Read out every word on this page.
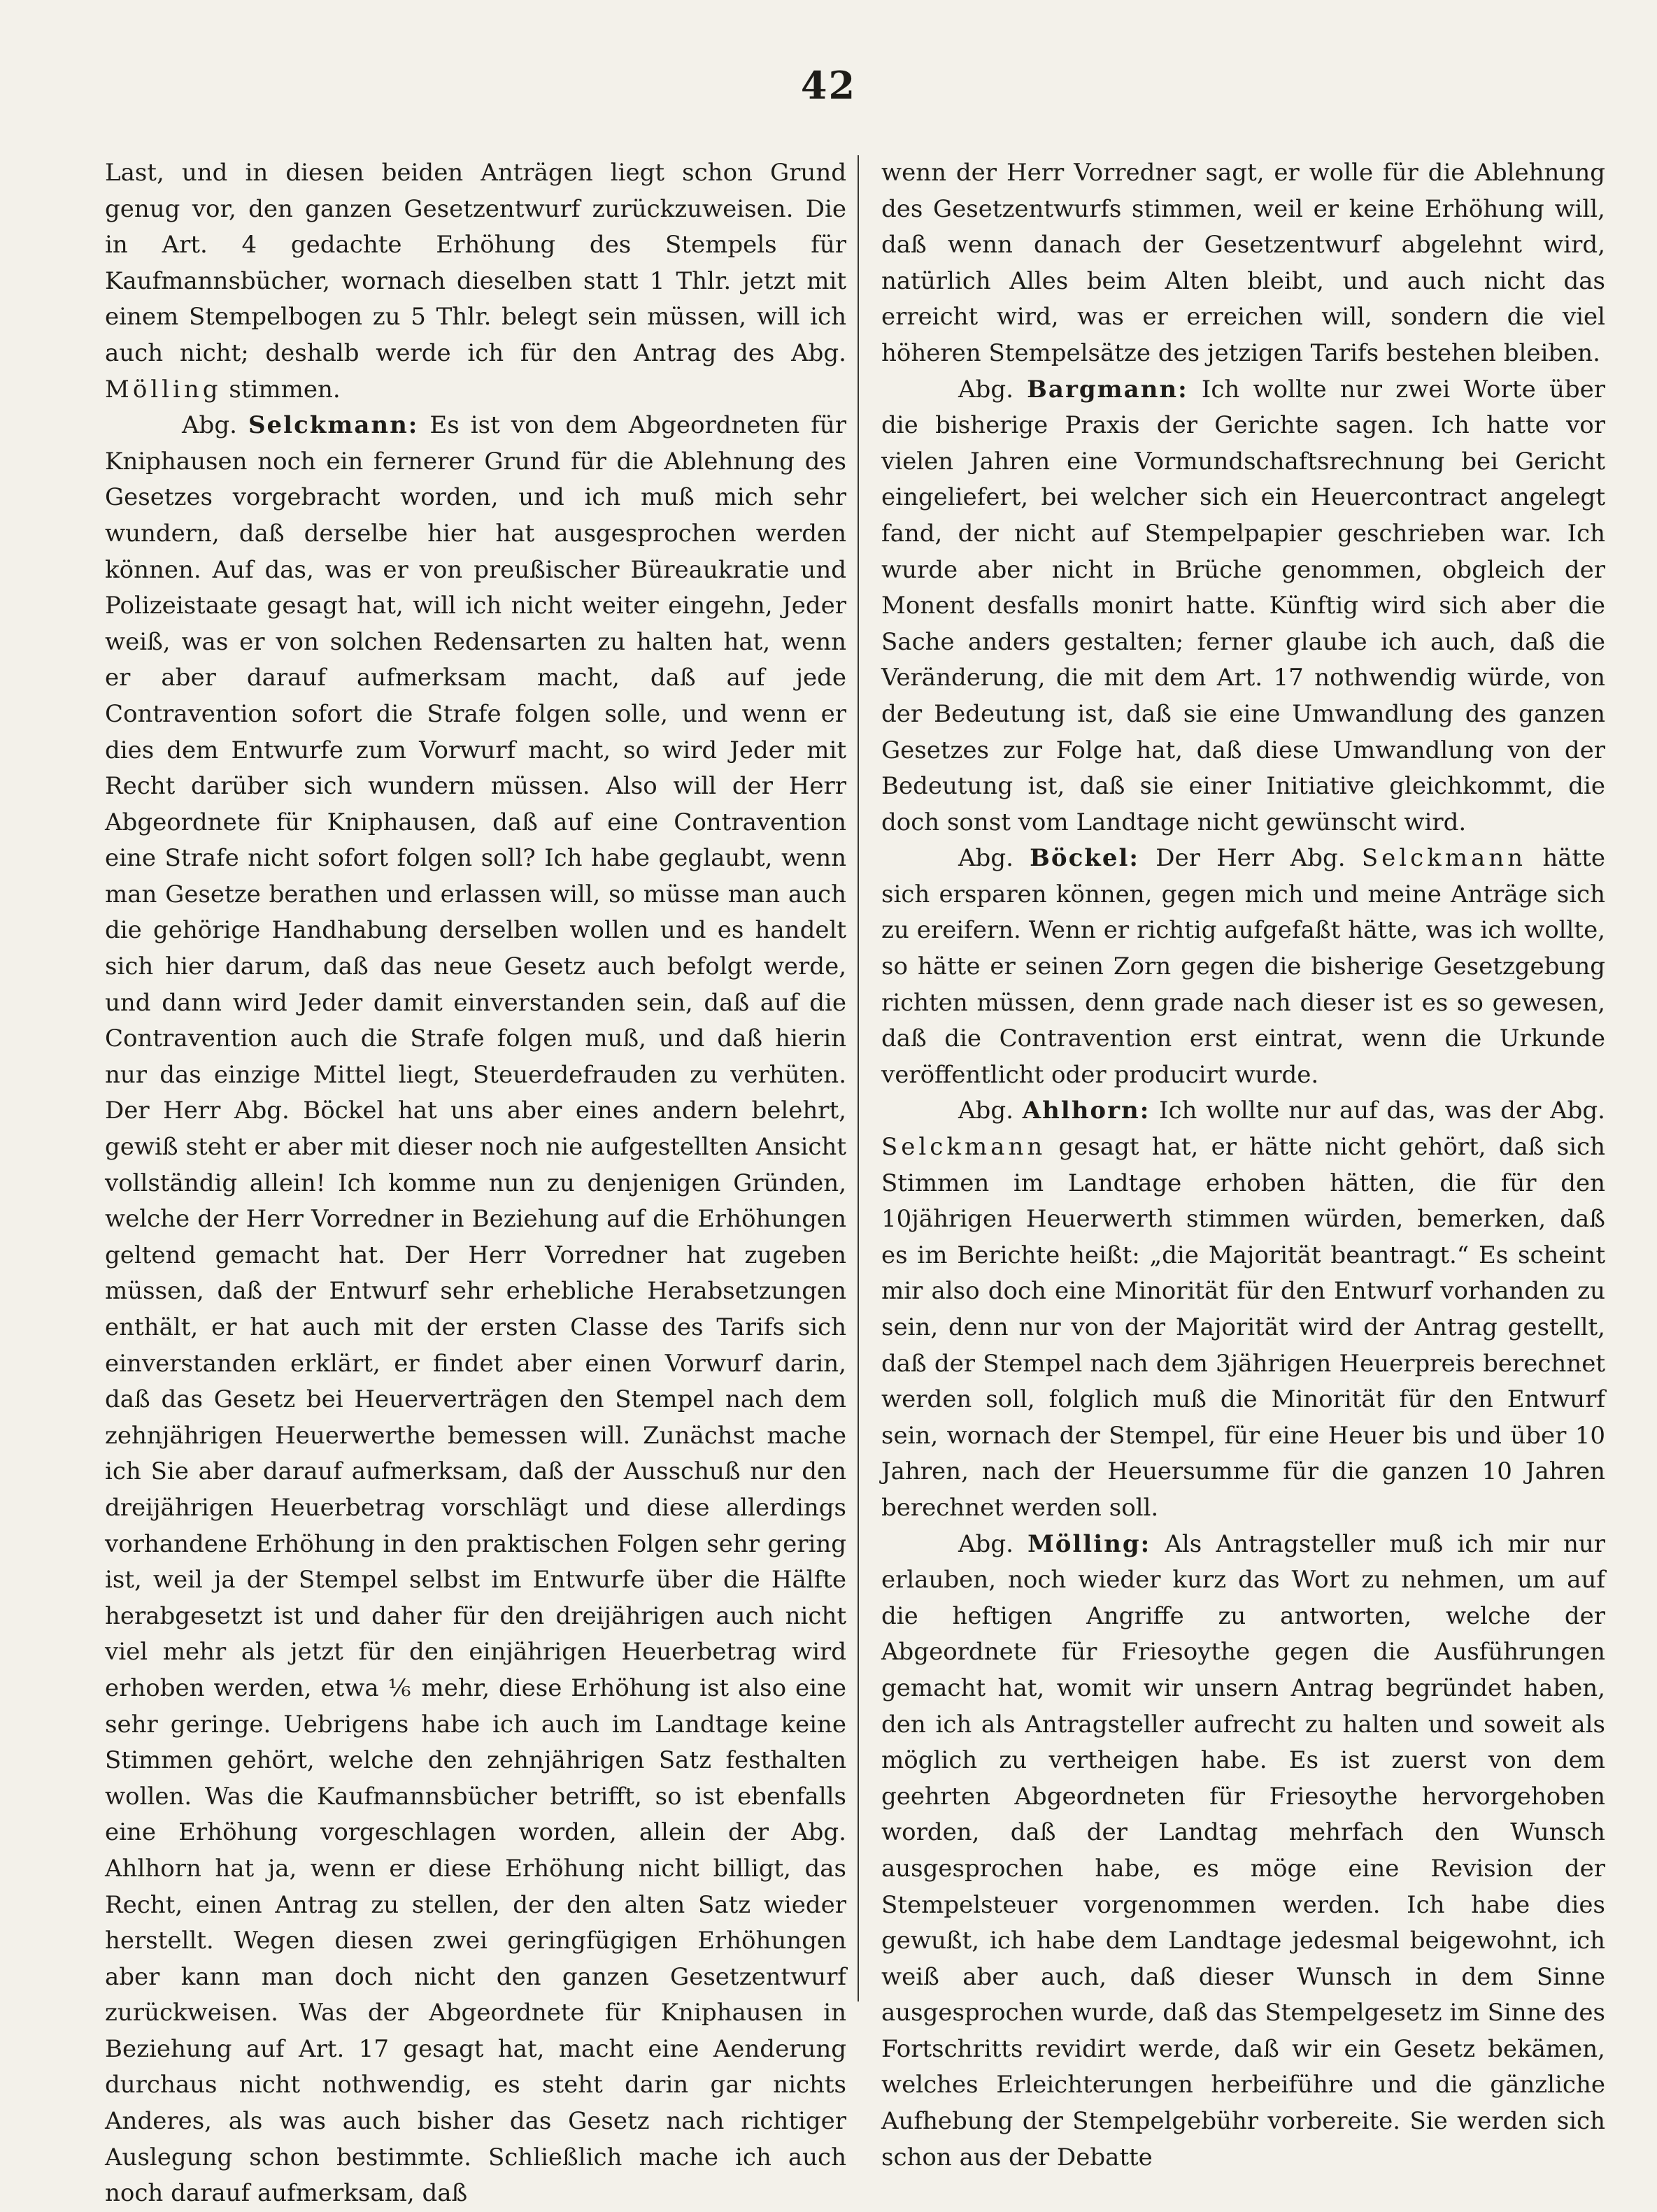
42

Last, und in diesen beiden Anträgen liegt schon Grund genug vor, den ganzen Gesetzentwurf zurückzuweisen. Die in Art. 4 gedachte Erhöhung des Stempels für Kaufmannsbücher, wornach dieselben statt 1 Thlr. jetzt mit einem Stempelbogen zu 5 Thlr. belegt sein müssen, will ich auch nicht; deshalb werde ich für den Antrag des Abg. Mölling stimmen.

Abg. Selckmann: Es ist von dem Abgeordneten für Kniphausen noch ein fernerer Grund für die Ablehnung des Gesetzes vorgebracht worden, und ich muß mich sehr wundern, daß derselbe hier hat ausgesprochen werden können. Auf das, was er von preußischer Büreaukratie und Polizeistaate gesagt hat, will ich nicht weiter eingehn, Jeder weiß, was er von solchen Redensarten zu halten hat, wenn er aber darauf aufmerksam macht, daß auf jede Contravention sofort die Strafe folgen solle, und wenn er dies dem Entwurfe zum Vorwurf macht, so wird Jeder mit Recht darüber sich wundern müssen. Also will der Herr Abgeordnete für Kniphausen, daß auf eine Contravention eine Strafe nicht sofort folgen soll? Ich habe geglaubt, wenn man Gesetze berathen und erlassen will, so müsse man auch die gehörige Handhabung derselben wollen und es handelt sich hier darum, daß das neue Gesetz auch befolgt werde, und dann wird Jeder damit einverstanden sein, daß auf die Contravention auch die Strafe folgen muß, und daß hierin nur das einzige Mittel liegt, Steuerdefrauden zu verhüten. Der Herr Abg. Böckel hat uns aber eines andern belehrt, gewiß steht er aber mit dieser noch nie aufgestellten Ansicht vollständig allein! Ich komme nun zu denjenigen Gründen, welche der Herr Vorredner in Beziehung auf die Erhöhungen geltend gemacht hat. Der Herr Vorredner hat zugeben müssen, daß der Entwurf sehr erhebliche Herabsetzungen enthält, er hat auch mit der ersten Classe des Tarifs sich einverstanden erklärt, er findet aber einen Vorwurf darin, daß das Gesetz bei Heuerverträgen den Stempel nach dem zehnjährigen Heuerwerthe bemessen will. Zunächst mache ich Sie aber darauf aufmerksam, daß der Ausschuß nur den dreijährigen Heuerbetrag vorschlägt und diese allerdings vorhandene Erhöhung in den praktischen Folgen sehr gering ist, weil ja der Stempel selbst im Entwurfe über die Hälfte herabgesetzt ist und daher für den dreijährigen auch nicht viel mehr als jetzt für den einjährigen Heuerbetrag wird erhoben werden, etwa ⅙ mehr, diese Erhöhung ist also eine sehr geringe. Uebrigens habe ich auch im Landtage keine Stimmen gehört, welche den zehnjährigen Satz festhalten wollen. Was die Kaufmannsbücher betrifft, so ist ebenfalls eine Erhöhung vorgeschlagen worden, allein der Abg. Ahlhorn hat ja, wenn er diese Erhöhung nicht billigt, das Recht, einen Antrag zu stellen, der den alten Satz wieder herstellt. Wegen diesen zwei geringfügigen Erhöhungen aber kann man doch nicht den ganzen Gesetzentwurf zurückweisen. Was der Abgeordnete für Kniphausen in Beziehung auf Art. 17 gesagt hat, macht eine Aenderung durchaus nicht nothwendig, es steht darin gar nichts Anderes, als was auch bisher das Gesetz nach richtiger Auslegung schon bestimmte. Schließlich mache ich auch noch darauf aufmerksam, daß

wenn der Herr Vorredner sagt, er wolle für die Ablehnung des Gesetzentwurfs stimmen, weil er keine Erhöhung will, daß wenn danach der Gesetzentwurf abgelehnt wird, natürlich Alles beim Alten bleibt, und auch nicht das erreicht wird, was er erreichen will, sondern die viel höheren Stempelsätze des jetzigen Tarifs bestehen bleiben.

Abg. Bargmann: Ich wollte nur zwei Worte über die bisherige Praxis der Gerichte sagen. Ich hatte vor vielen Jahren eine Vormundschaftsrechnung bei Gericht eingeliefert, bei welcher sich ein Heuercontract angelegt fand, der nicht auf Stempelpapier geschrieben war. Ich wurde aber nicht in Brüche genommen, obgleich der Monent desfalls monirt hatte. Künftig wird sich aber die Sache anders gestalten; ferner glaube ich auch, daß die Veränderung, die mit dem Art. 17 nothwendig würde, von der Bedeutung ist, daß sie eine Umwandlung des ganzen Gesetzes zur Folge hat, daß diese Umwandlung von der Bedeutung ist, daß sie einer Initiative gleichkommt, die doch sonst vom Landtage nicht gewünscht wird.

Abg. Böckel: Der Herr Abg. Selckmann hätte sich ersparen können, gegen mich und meine Anträge sich zu ereifern. Wenn er richtig aufgefaßt hätte, was ich wollte, so hätte er seinen Zorn gegen die bisherige Gesetzgebung richten müssen, denn grade nach dieser ist es so gewesen, daß die Contravention erst eintrat, wenn die Urkunde veröffentlicht oder producirt wurde.

Abg. Ahlhorn: Ich wollte nur auf das, was der Abg. Selckmann gesagt hat, er hätte nicht gehört, daß sich Stimmen im Landtage erhoben hätten, die für den 10jährigen Heuerwerth stimmen würden, bemerken, daß es im Berichte heißt: „die Majorität beantragt.“ Es scheint mir also doch eine Minorität für den Entwurf vorhanden zu sein, denn nur von der Majorität wird der Antrag gestellt, daß der Stempel nach dem 3jährigen Heuerpreis berechnet werden soll, folglich muß die Minorität für den Entwurf sein, wornach der Stempel, für eine Heuer bis und über 10 Jahren, nach der Heuersumme für die ganzen 10 Jahren berechnet werden soll.

Abg. Mölling: Als Antragsteller muß ich mir nur erlauben, noch wieder kurz das Wort zu nehmen, um auf die heftigen Angriffe zu antworten, welche der Abgeordnete für Friesoythe gegen die Ausführungen gemacht hat, womit wir unsern Antrag begründet haben, den ich als Antragsteller aufrecht zu halten und soweit als möglich zu vertheigen habe. Es ist zuerst von dem geehrten Abgeordneten für Friesoythe hervorgehoben worden, daß der Landtag mehrfach den Wunsch ausgesprochen habe, es möge eine Revision der Stempelsteuer vorgenommen werden. Ich habe dies gewußt, ich habe dem Landtage jedesmal beigewohnt, ich weiß aber auch, daß dieser Wunsch in dem Sinne ausgesprochen wurde, daß das Stempelgesetz im Sinne des Fortschritts revidirt werde, daß wir ein Gesetz bekämen, welches Erleichterungen herbeiführe und die gänzliche Aufhebung der Stempelgebühr vorbereite. Sie werden sich schon aus der Debatte
